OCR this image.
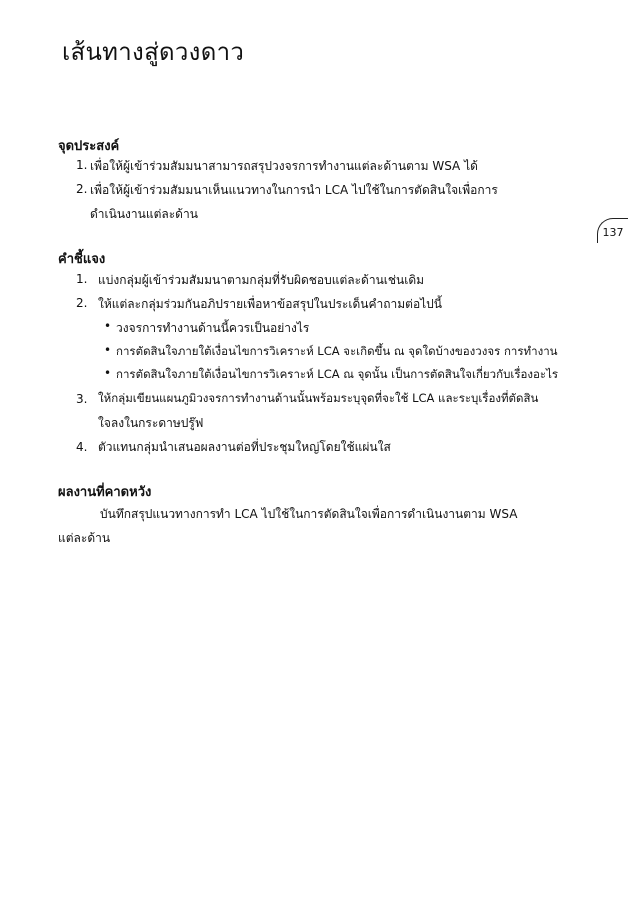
เส้นทางสู่ดวงดาว
137
จุดประสงค์
1. เพื่อให้ผู้เข้าร่วมสัมมนาสามารถสรุปวงจรการทำงานแต่ละด้านตาม WSA ได้
2. เพื่อให้ผู้เข้าร่วมสัมมนาเห็นแนวทางในการนำ LCA ไปใช้ในการตัดสินใจเพื่อการ
ดำเนินงานแต่ละด้าน
คำชี้แจง
1. แบ่งกลุ่มผู้เข้าร่วมสัมมนาตามกลุ่มที่รับผิดชอบแต่ละด้านเช่นเดิม
2. ให้แต่ละกลุ่มร่วมกันอภิปรายเพื่อหาข้อสรุปในประเด็นคำถามต่อไปนี้
• วงจรการทำงานด้านนี้ควรเป็นอย่างไร
• การตัดสินใจภายใต้เงื่อนไขการวิเคราะห์ LCA จะเกิดขึ้น ณ จุดใดบ้างของวงจร การทำงาน
• การตัดสินใจภายใต้เงื่อนไขการวิเคราะห์ LCA ณ จุดนั้น เป็นการตัดสินใจเกี่ยวกับเรื่องอะไร
3. ให้กลุ่มเขียนแผนภูมิวงจรการทำงานด้านนั้นพร้อมระบุจุดที่จะใช้ LCA และระบุเรื่องที่ตัดสิน
ใจลงในกระดาษปรู๊ฟ
4. ตัวแทนกลุ่มนำเสนอผลงานต่อที่ประชุมใหญ่โดยใช้แผ่นใส
ผลงานที่คาดหวัง
บันทึกสรุปแนวทางการทำ LCA ไปใช้ในการตัดสินใจเพื่อการดำเนินงานตาม WSA
แต่ละด้าน
